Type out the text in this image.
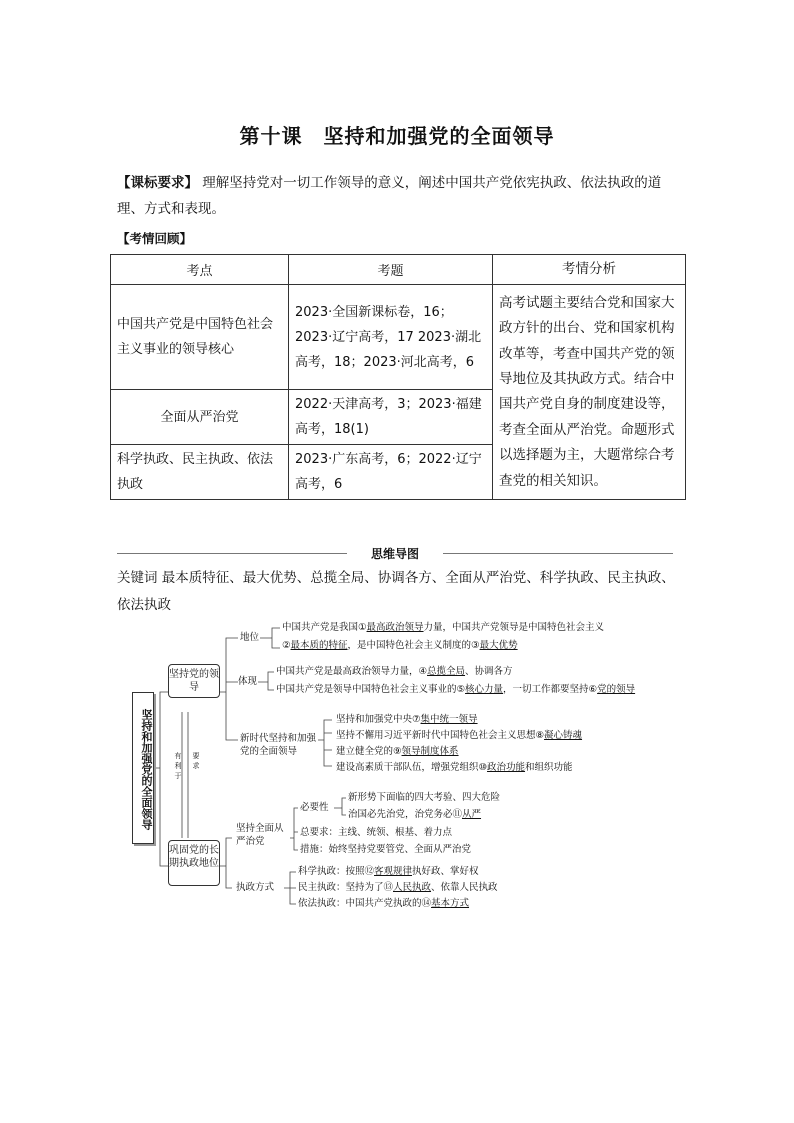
第十课　坚持和加强党的全面领导
【课标要求】 理解坚持党对一切工作领导的意义，阐述中国共产党依宪执政、依法执政的道理、方式和表现。
【考情回顾】
考点	考题	考情分析
中国共产党是中国特色社会主义事业的领导核心	2023·全国新课标卷，16；2023·辽宁高考，17 2023·湖北高考，18；2023·河北高考，6	高考试题主要结合党和国家大政方针的出台、党和国家机构改革等，考查中国共产党的领导地位及其执政方式。结合中国共产党自身的制度建设等，考查全面从严治党。命题形式以选择题为主，大题常综合考查党的相关知识。
全面从严治党	2022·天津高考，3；2023·福建高考，18(1)	
科学执政、民主执政、依法执政	2023·广东高考，6；2022·辽宁高考，6	
思维导图
关键词 最本质特征、最大优势、总揽全局、协调各方、全面从严治党、科学执政、民主执政、依法执政
坚持和加强党的全面领导
坚持党的领导
巩固党的长期执政地位
有利于 要求
地位
中国共产党是我国①最高政治领导力量，中国共产党领导是中国特色社会主义
②最本质的特征，是中国特色社会主义制度的③最大优势
体现
中国共产党是最高政治领导力量，④总揽全局、协调各方
中国共产党是领导中国特色社会主义事业的⑤核心力量，一切工作都要坚持⑥党的领导
新时代坚持和加强党的全面领导
坚持和加强党中央⑦集中统一领导
坚持不懈用习近平新时代中国特色社会主义思想⑧凝心铸魂
建立健全党的⑨领导制度体系
建设高素质干部队伍，增强党组织⑩政治功能和组织功能
坚持全面从严治党
必要性
新形势下面临的四大考验、四大危险
治国必先治党，治党务必⑪从严
总要求：主线、统领、根基、着力点
措施：始终坚持党要管党、全面从严治党
执政方式
科学执政：按照⑫客观规律执好政、掌好权
民主执政：坚持为了⑬人民执政、依靠人民执政
依法执政：中国共产党执政的⑭基本方式
